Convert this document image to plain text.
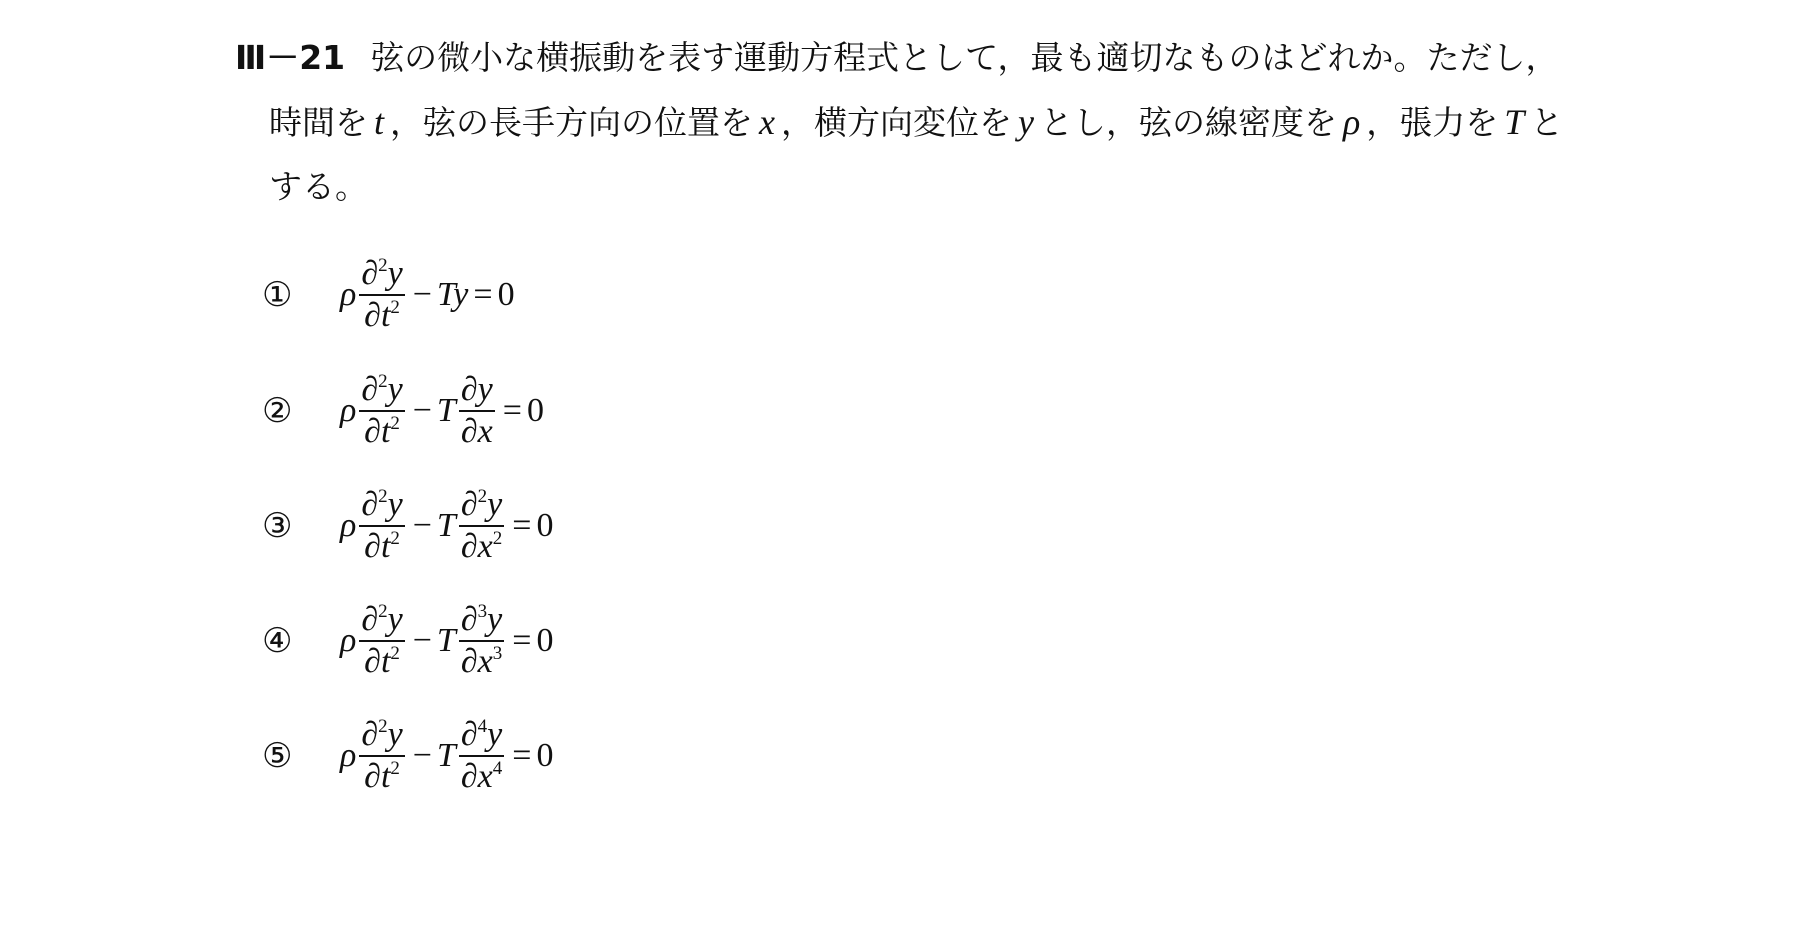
Ⅲ－21 弦の微小な横振動を表す運動方程式として，最も適切なものはどれか。ただし，
時間を t ，弦の長手方向の位置を x ，横方向変位を y とし，弦の線密度を ρ ，張力を T と
する。
①	ρ $\frac{\partial^2y}{\partial t^2} - Ty = 0$
②	ρ $\frac{\partial^2y}{\partial t^2} - T \frac{\partial y}{\partial x} = 0$
③	ρ $\frac{\partial^2y}{\partial t^2} - T \frac{\partial^2y}{\partial x^2} = 0$
④	ρ $\frac{\partial^2y}{\partial t^2} - T \frac{\partial^3y}{\partial x^3} = 0$
⑤	ρ $\frac{\partial^2y}{\partial t^2} - T \frac{\partial^4y}{\partial x^4} = 0$
